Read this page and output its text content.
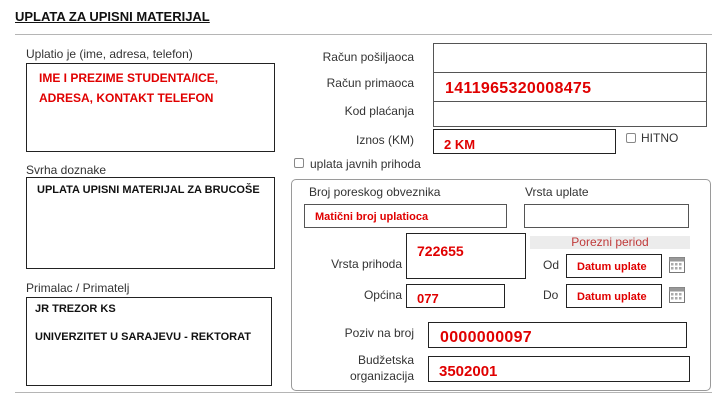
UPLATA ZA UPISNI MATERIJAL
Uplatio je (ime, adresa, telefon)
IME I PREZIME STUDENTA/ICE,
ADRESA, KONTAKT TELEFON
Svrha doznake
UPLATA UPISNI MATERIJAL ZA BRUCOŠE
Primalac / Primatelj
JR TREZOR KS
UNIVERZITET U SARAJEVU - REKTORAT
Račun pošiljaoca
Račun primaoca 1411965320008475
Kod plaćanja
Iznos (KM) 2 KM	HITNO
uplata javnih prihoda
Broj poreskog obveznika
Matični broj uplatioca
Vrsta uplate
Vrsta prihoda
722655
Porezni period
Od Datum uplate
Općina 077	Do Datum uplate
Poziv na broj 0000000097
Budžetska
organizacija 3502001
